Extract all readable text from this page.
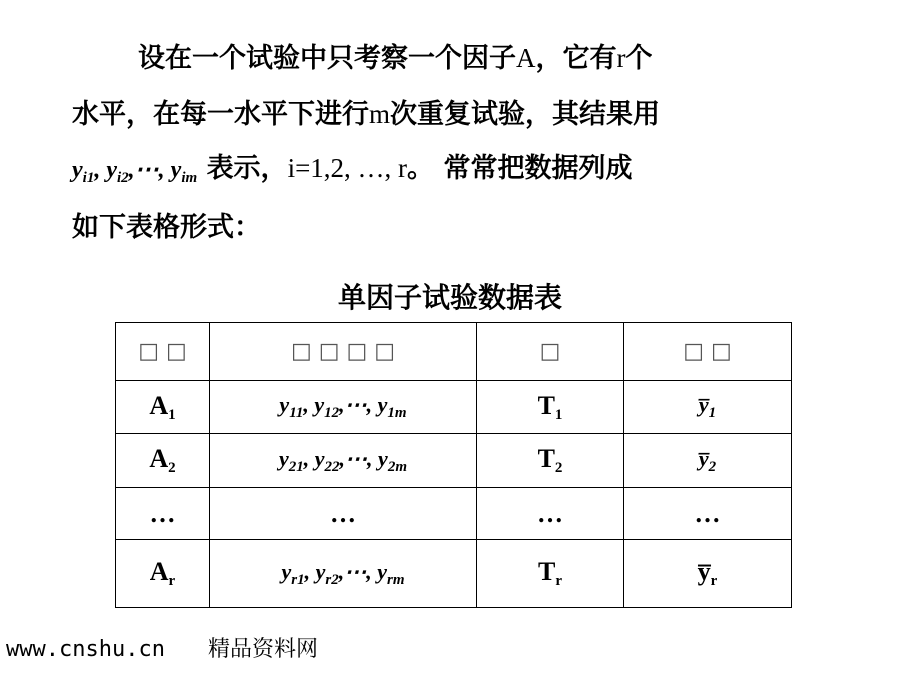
设在一个试验中只考察一个因子A，它有r个
水平，在每一水平下进行m次重复试验，其结果用
$y_{i1}$, $y_{i2},\cdots$, $y_{im}$ 表示，i=1,2, …, r。 常常把数据列成
如下表格形式：
单因子试验数据表
□ □	□ □ □ □	□	□ □
$A_1$	$y_{11}$, $y_{12},\cdots$, $y_{1m}$	$T_1$	$y̅_1$
$A_2$	$y_{21}$, $y_{22},\cdots$, $y_{2m}$	$T_2$	$y̅_2$
…	…	…	…
$A_r$	$y_{r1}$, $y_{r2},\cdots$, $y_{rm}$	$T_r$	$y̅_r$
www.cnshu.cn 精品资料网
